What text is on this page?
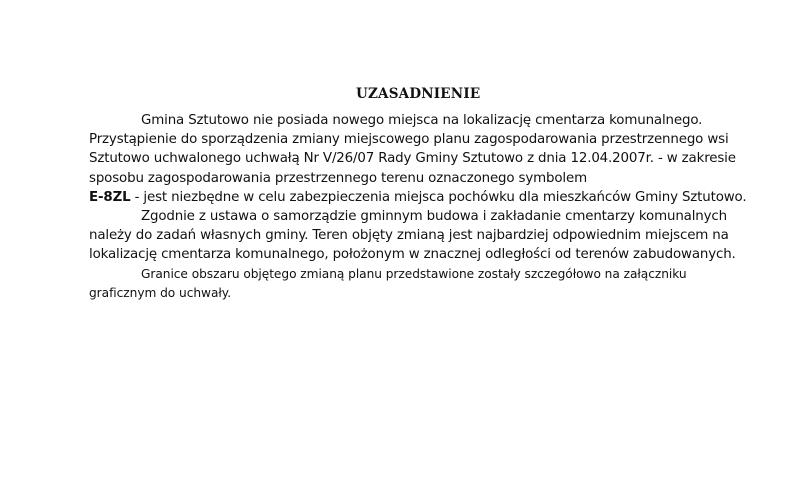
UZASADNIENIE
Gmina Sztutowo nie posiada nowego miejsca na lokalizację cmentarza komunalnego.
Przystąpienie do sporządzenia zmiany miejscowego planu zagospodarowania przestrzennego wsi
Sztutowo uchwalonego uchwałą Nr V/26/07 Rady Gminy Sztutowo z dnia 12.04.2007r. - w zakresie
sposobu zagospodarowania przestrzennego terenu oznaczonego symbolem
E-8ZL - jest niezbędne w celu zabezpieczenia miejsca pochówku dla mieszkańców Gminy Sztutowo.
Zgodnie z ustawa o samorządzie gminnym budowa i zakładanie cmentarzy komunalnych
należy do zadań własnych gminy. Teren objęty zmianą jest najbardziej odpowiednim miejscem na
lokalizację cmentarza komunalnego, położonym w znacznej odległości od terenów zabudowanych.
Granice obszaru objętego zmianą planu przedstawione zostały szczegółowo na załączniku
graficznym do uchwały.
